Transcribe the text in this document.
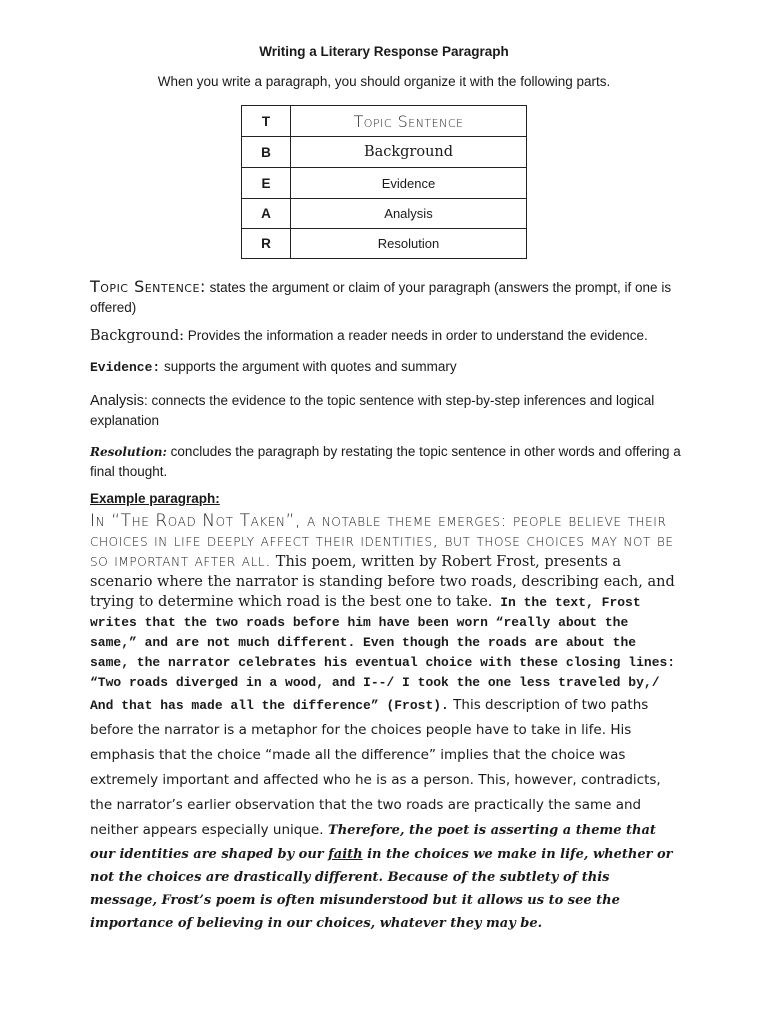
Writing a Literary Response Paragraph
When you write a paragraph, you should organize it with the following parts.
T	Topic Sentence
B	Background
E	Evidence
A	Analysis
R	Resolution
Topic Sentence: states the argument or claim of your paragraph (answers the prompt, if one is offered)
Background: Provides the information a reader needs in order to understand the evidence.
Evidence: supports the argument with quotes and summary
Analysis: connects the evidence to the topic sentence with step-by-step inferences and logical explanation
Resolution: concludes the paragraph by restating the topic sentence in other words and offering a final thought.
Example paragraph:

In “The Road Not Taken”, a notable theme emerges: people believe their choices in life deeply affect their identities, but those choices may not be so important after all. This poem, written by Robert Frost, presents a scenario where the narrator is standing before two roads, describing each, and trying to determine which road is the best one to take. In the text, Frost writes that the two roads before him have been worn “really about the same,” and are not much different. Even though the roads are about the same, the narrator celebrates his eventual choice with these closing lines: “Two roads diverged in a wood, and I--/ I took the one less traveled by,/ And that has made all the difference” (Frost). This description of two paths before the narrator is a metaphor for the choices people have to take in life. His emphasis that the choice “made all the difference” implies that the choice was extremely important and affected who he is as a person. This, however, contradicts, the narrator’s earlier observation that the two roads are practically the same and neither appears especially unique. Therefore, the poet is asserting a theme that our identities are shaped by our faith in the choices we make in life, whether or not the choices are drastically different. Because of the subtlety of this message, Frost’s poem is often misunderstood but it allows us to see the importance of believing in our choices, whatever they may be.
